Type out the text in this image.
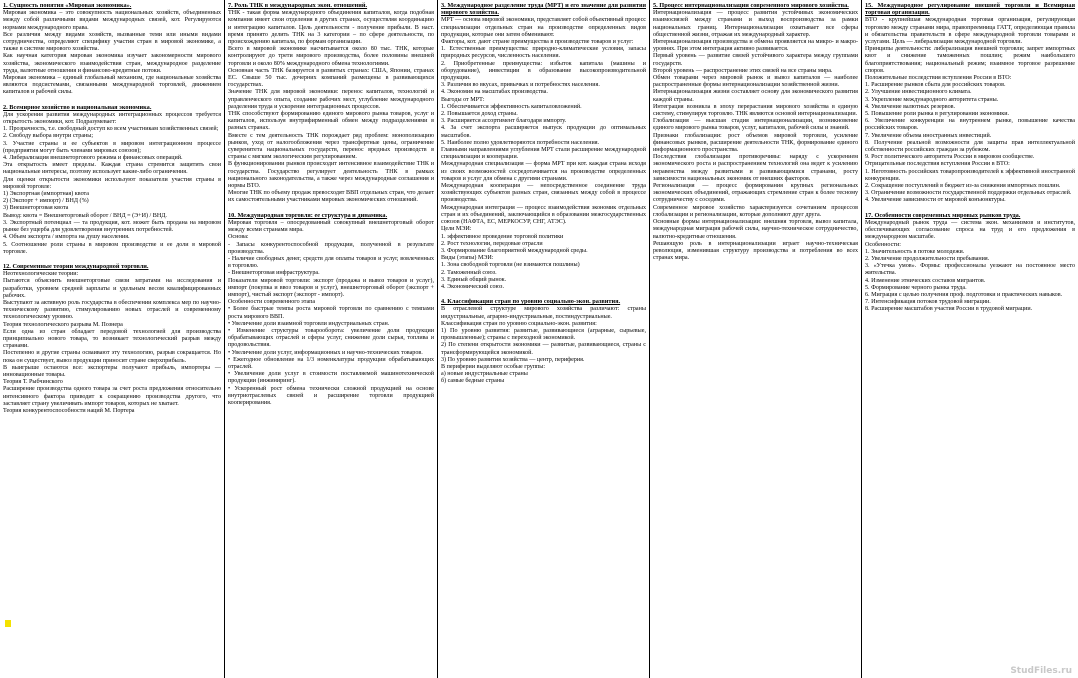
1. Сущность понятия «Мировая экономика».

Мировая экономика – это совокупность национальных хозяйств, объединенных между собой различными видами международных связей, кот. Регулируются нормами международного права.

Все различия между видами хозяйств, вызванные теми или иными видами сотрудничества, определяют специфику участия стран в мировой экономике, а также в системе мирового хозяйства.

Как научная категория мировая экономика изучает закономерности мирового хозяйства, экономического взаимодействия стран, международное разделение труда, валютные отношения и финансово-кредитные потоки.

Мировая экономика – единый глобальный механизм, где национальные хозяйства являются подсистемами, связанными международной торговлей, движением капиталов и рабочей силы.

2. Всемирное хозяйство и национальная экономика.

Для ускорения развития международных интеграционных процессов требуется открытость экономики, кот. Подразумевает:

1. Прозрачность, т.е. свободный доступ ко всем участникам хозяйственных связей;

2. Свободу выбора внутри страны;

3. Участие страны и ее субъектов в мировом интеграционном процессе (предприятия могут быть членами мировых союзов);

4. Либерализация внешнеторгового режима и финансовых операций.

Эта открытость имеет пределы. Каждая страна стремится защитить свои национальные интересы, поэтому использует какие-либо ограничения.

Для оценки открытости экономики используют показатели участия страны в мировой торговле:

1) Экспортная (импортная) квота

2) (Экспорт + импорт) / ВНД (%)

3) Внешнеторговая квота

Вывод: квота = Внешнеторговый оборот / ВНД = (Э+И) / ВНД.

3. Экспортный потенциал — та продукция, кот. может быть продана на мировом рынке без ущерба для удовлетворения внутренних потребностей.

4. Объем экспорта / импорта на душу населения.

5. Соотношение роли страны в мировом производстве и ее доли в мировой торговле.

12. Современные теории международной торговли.

Неотехнологические теории:

Пытаются объяснить внешнеторговые связи затратами на исследования и разработки, уровнем средней зарплаты и удельным весом квалифицированных рабочих.

Выступают за активную роль государства в обеспечении комплекса мер по научно-техническому развитию, стимулированию новых отраслей и современному технологическому уровню.

Теория технологического разрыва М. Познера

Если одна из стран обладает передовой технологией для производства принципиально нового товара, то возникает технологический разрыв между странами.

Постепенно и другие страны осваивают эту технологию, разрыв сокращается. Но пока он существует, вывоз продукции приносит стране сверхприбыль.

В выигрыше остаются все: экспортеры получают прибыль, импортеры — инновационные товары.

Теория Т. Рыбчинского

Расширение производства одного товара за счет роста предложения относительно интенсивного фактора приводит к сокращению производства другого, что заставляет страну увеличивать импорт товаров, которых не хватает.

Теория конкурентоспособности наций М. Портера

7. Роль ТНК в международных экон. отношений.

ТНК - такая форма международного объединения капиталов, когда подобная компания имеет свои отделения в других странах, осуществляя координацию и интеграцию капиталов. Цель деятельности - получение прибыли. В наст. время принято делить ТНК на 3 категории – по сфере деятельности, по происхождению капитала, по формам организации.

Всего в мировой экономике насчитывается около 80 тыс. ТНК, которые контролируют до трети мирового производства, более половины внешней торговли и около 80% международного обмена технологиями.

Основная часть ТНК базируется в развитых странах: США, Японии, странах ЕС. Свыше 50 тыс. дочерних компаний размещены в развивающихся государствах.

Значение ТНК для мировой экономики: перенос капиталов, технологий и управленческого опыта, создание рабочих мест, углубление международного разделения труда и ускорение интеграционных процессов.

ТНК способствуют формированию единого мирового рынка товаров, услуг и капиталов, используя внутрифирменный обмен между подразделениями в разных странах.

Вместе с тем деятельность ТНК порождает ряд проблем: монополизацию рынков, уход от налогообложения через трансфертные цены, ограничение суверенитета национальных государств, перенос вредных производств в страны с мягким экологическим регулированием.

В функционировании рынков происходит интенсивное взаимодействие ТНК и государства. Государство регулирует деятельность ТНК в рамках национального законодательства, а также через международные соглашения и нормы ВТО.

Многие ТНК по объему продаж превосходят ВВП отдельных стран, что делает их самостоятельными участниками мировых экономических отношений.

10. Международная торговля: ее структура и динамика.

Мировая торговля – опосредованный совокупный внешнеторговый оборот между всеми странами мира.

Основа:

- Запасы конкурентоспособной продукции, полученной в результате производства.

- Наличие свободных денег, средств для оплаты товаров и услуг, вовлеченных в торговлю.

- Внешнеторговая инфраструктура.

Показатели мировой торговли: экспорт (продажа и вывоз товаров и услуг), импорт (покупка и ввоз товаров и услуг), внешнеторговый оборот (экспорт + импорт), чистый экспорт (экспорт - импорт).

Особенности современного этапа

• Более быстрые темпы роста мировой торговли по сравнению с темпами роста мирового ВВП.

• Увеличение доли взаимной торговли индустриальных стран.

• Изменение структуры товарооборота: увеличение доли продукции обрабатывающих отраслей и сферы услуг, снижение доли сырья, топлива и продовольствия.

• Увеличение доли услуг, информационных и научно-технических товаров.

• Ежегодное обновление на 1/3 номенклатуры продукции обрабатывающих отраслей.

• Увеличение доли услуг в стоимости поставляемой машинотехнической продукции (инжиниринг).

• Ускоренный рост обмена технически сложной продукцией на основе внутриотраслевых связей и расширение торговли продукцией кооперирования.

3. Международное разделение труда (МРТ) и его значение для развития мирового хозяйства.

МРТ — основа мировой экономики, представляет собой объективный процесс специализации отдельных стран на производстве определенных видов продукции, которые они затем обменивают.

Факторы, кот. дают стране преимущества в производстве товаров и услуг:

1. Естественные преимущества: природно-климатические условия, запасы природных ресурсов, численность населения.

2. Приобретенные преимущества: избыток капитала (машины и оборудование), инвестиции в образование высокопроизводительной продукции.

3. Различия во вкусах, привычках и потребностях населения.

4. Экономия на масштабах производства.

Выгоды от МРТ:

1. Обеспечивается эффективность капиталовложений.

2. Повышается доход страны.

3. Расширяется ассортимент благодаря импорту.

4. За счет экспорта расширяется выпуск продукции до оптимальных масштабов.

5. Наиболее полно удовлетворяются потребности населения.

Главными направлениями углубления МРТ стали расширение международной специализации и кооперации.

Международная специализация — форма МРТ при кот. каждая страна исходя из своих возможностей сосредотачивается на производстве определенных товаров и услуг для обмена с другими странами.

Международная кооперация — непосредственное соединение труда хозяйствующих субъектов разных стран, связанных между собой в процессе производства.

Международная интеграция — процесс взаимодействия экономик отдельных стран и их объединений, заключающийся в образовании межгосударственных союзов (НАФТА, ЕС, МЕРКОСУР, СНГ, АТЭС).

Цели МЭИ:

1. эффективное проведение торговой политики

2. Рост технологии, передовые отрасли

3. Формирование благоприятной международной среды.

Виды (этапы) МЭИ:

1. Зона свободной торговли (не взимаются пошлины)

2. Таможенный союз.

3. Единый общий рынок.

4. Экономический союз.

4. Классификация стран по уровню социально-экон. развития.

В отраслевой структуре мирового хозяйства различают: страны индустриальные, аграрно-индустриальные, постиндустриальные.

Классификация стран по уровню социально-экон. развития:

1) По уровню развития: развитые, развивающиеся (аграрные, сырьевые, промышленные); страны с переходной экономикой.

2) По степени открытости экономики — развитые, развивающиеся, страны с трансформирующейся экономикой.

3) По уровню развития хозяйства — центр, периферия.

В периферии выделяют особые группы:

а) новые индустриальные страны

б) самые бедные страны

5. Процесс интернационализации современного мирового хозяйства.

Интернационализация — процесс развития устойчивых экономических взаимосвязей между странами и выход воспроизводства за рамки национальных границ. Интернационализация охватывает все сферы общественной жизни, отражая их международный характер.

Интернационализация производства и обмена проявляется на микро- и макро- уровнях. При этом интеграция активно развивается.

Первый уровень — развитие связей устойчивого характера между группами государств.

Второй уровень — распространение этих связей на все страны мира.

Обмен товарами через мировой рынок и вывоз капиталов — наиболее распространенные формы интернационализации хозяйственной жизни.

Интернационализация жизни составляет основу для экономического развития каждой страны.

Интеграция возникла в эпоху перерастания мирового хозяйства в единую систему, стимулируя торговлю. ТНК являются основой интернационализации.

Глобализация — высшая стадия интернационализации, возникновение единого мирового рынка товаров, услуг, капиталов, рабочей силы и знаний.

Признаки глобализации: рост объемов мировой торговли, усиление финансовых рынков, расширение деятельности ТНК, формирование единого информационного пространства.

Последствия глобализации противоречивы: наряду с ускорением экономического роста и распространением технологий она ведет к усилению неравенства между развитыми и развивающимися странами, росту зависимости национальных экономик от внешних факторов.

Регионализация — процесс формирования крупных региональных экономических объединений, отражающих стремление стран к более тесному сотрудничеству с соседями.

Современное мировое хозяйство характеризуется сочетанием процессов глобализации и регионализации, которые дополняют друг друга.

Основные формы интернационализации: внешняя торговля, вывоз капитала, международная миграция рабочей силы, научно-техническое сотрудничество, валютно-кредитные отношения.

Решающую роль в интернационализации играет научно-техническая революция, изменившая структуру производства и потребления во всех странах мира.

15. Международное регулирование внешней торговли и Всемирная торговая организация.

ВТО - крупнейшая международная торговая организация, регулирующая торговлю между странами мира, правопреемница ГАТТ, определяющая правила и обязательства правительств в сфере международной торговли товарами и услугами. Цель — либерализация международной торговли.

Принципы деятельности: либерализация внешней торговли; запрет импортных квот и снижение таможенных пошлин; режим наибольшего благоприятствования; национальный режим; взаимное торговое разрешение споров.

Положительные последствия вступления России в ВТО:

1. Расширение рынков сбыта для российских товаров.

2. Улучшение инвестиционного климата.

3. Укрепление международного авторитета страны.

4. Увеличение валютных резервов.

5. Повышение роли рынка в регулировании экономики.

6. Увеличение конкуренции на внутреннем рынке, повышение качества российских товаров.

7. Увеличение объема иностранных инвестиций.

8. Получение реальной возможности для защиты прав интеллектуальной собственности российских граждан за рубежом.

9. Рост политического авторитета России в мировом сообществе.

Отрицательные последствия вступления России в ВТО:

1. Неготовность российских товаропроизводителей к эффективной иностранной конкуренции.

2. Сокращение поступлений в бюджет из-за снижения импортных пошлин.

3. Ограничение возможности государственной поддержки отдельных отраслей.

4. Увеличение зависимости от мировой конъюнктуры.

17. Особенности современных мировых рынков труда.

Международный рынок труда — система экон. механизмов и институтов, обеспечивающих согласование спроса на труд и его предложения в международном масштабе.

Особенности:

1. Значительность в потоке молодежи.

2. Увеличение продолжительности пребывания.

3. «Утечка умов». Формы: профессионалы уезжают на постоянное место жительства.

4. Изменение этнических составов мигрантов.

5. Формирование черного рынка труда.

6. Миграция с целью получения проф. подготовки и практических навыков.

7. Интенсификация потоков трудовой миграции.

8. Расширение масштабов участия России в трудовой миграции.

StudFiles.ru
